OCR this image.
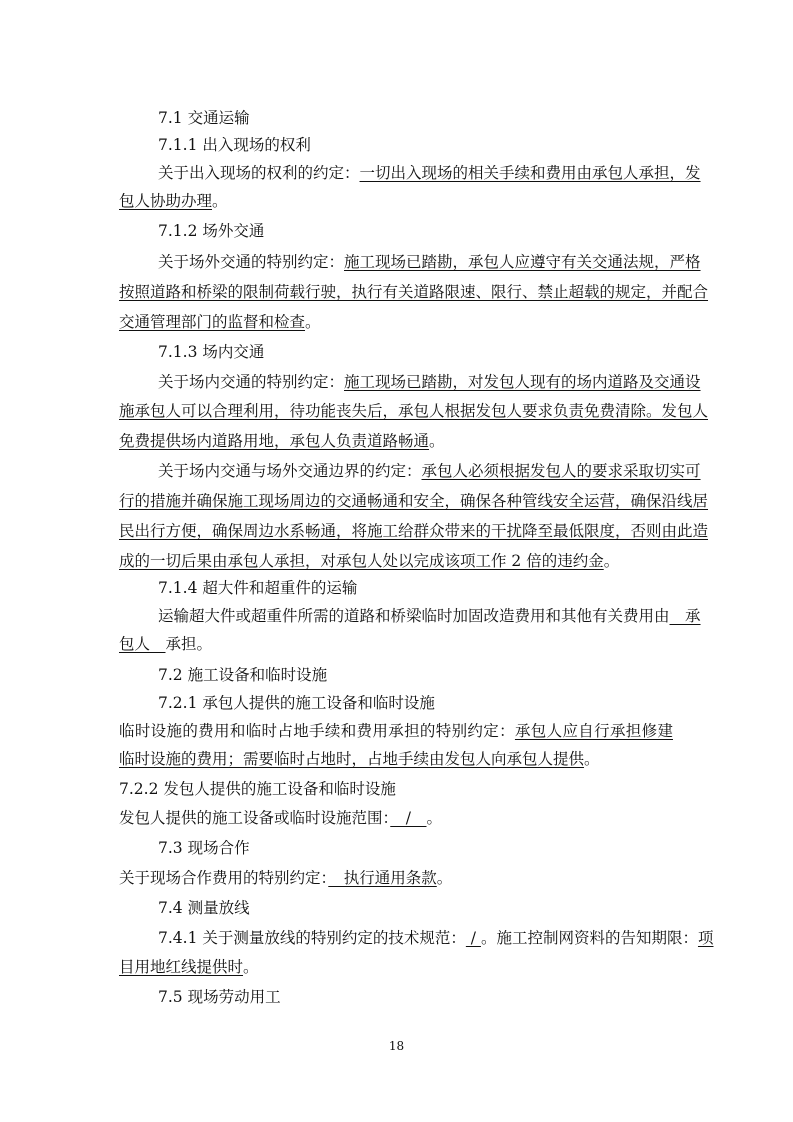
7.1 交通运输
7.1.1 出入现场的权利
关于出入现场的权利的约定：一切出入现场的相关手续和费用由承包人承担，发
包人协助办理。
7.1.2 场外交通
关于场外交通的特别约定：施工现场已踏勘，承包人应遵守有关交通法规，严格
按照道路和桥梁的限制荷载行驶，执行有关道路限速、限行、禁止超载的规定，并配合
交通管理部门的监督和检查。
7.1.3 场内交通
关于场内交通的特别约定：施工现场已踏勘，对发包人现有的场内道路及交通设
施承包人可以合理利用，待功能丧失后，承包人根据发包人要求负责免费清除。发包人
免费提供场内道路用地，承包人负责道路畅通。
关于场内交通与场外交通边界的约定：承包人必须根据发包人的要求采取切实可
行的措施并确保施工现场周边的交通畅通和安全，确保各种管线安全运营，确保沿线居
民出行方便，确保周边水系畅通，将施工给群众带来的干扰降至最低限度，否则由此造
成的一切后果由承包人承担，对承包人处以完成该项工作 2 倍的违约金。
7.1.4 超大件和超重件的运输
运输超大件或超重件所需的道路和桥梁临时加固改造费用和其他有关费用由　承
包人　承担。
7.2 施工设备和临时设施
7.2.1 承包人提供的施工设备和临时设施
临时设施的费用和临时占地手续和费用承担的特别约定：承包人应自行承担修建
临时设施的费用；需要临时占地时，占地手续由发包人向承包人提供。
7.2.2 发包人提供的施工设备和临时设施
发包人提供的施工设备或临时设施范围：　/　。
7.3 现场合作
关于现场合作费用的特别约定：　执行通用条款。
7.4 测量放线
7.4.1 关于测量放线的特别约定的技术规范： / 。施工控制网资料的告知期限：项
目用地红线提供时。
7.5 现场劳动用工
18
